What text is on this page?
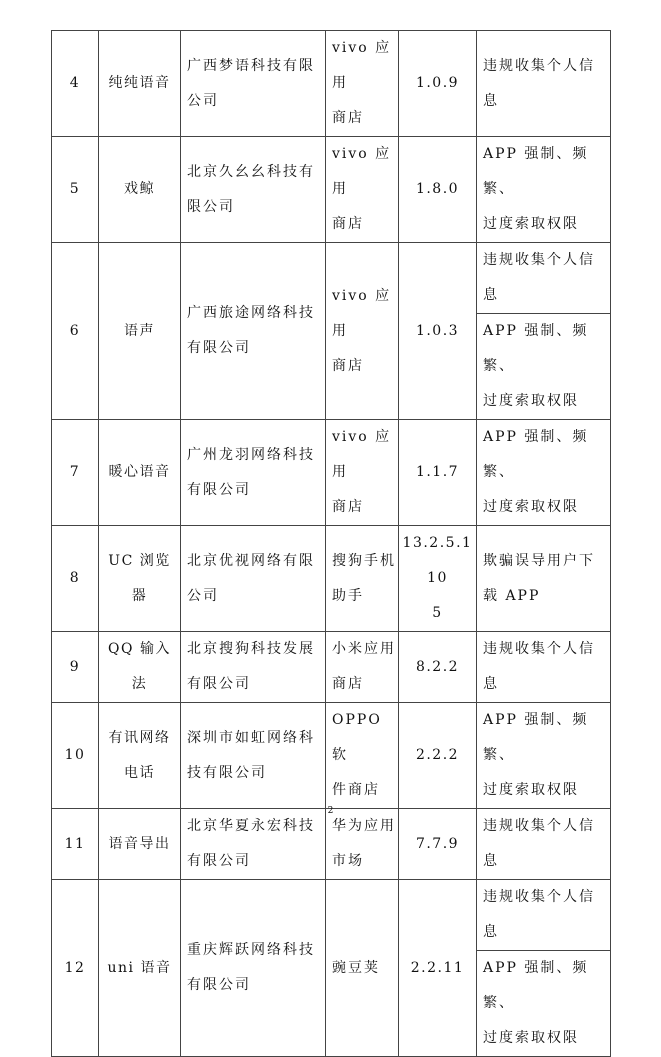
4	纯纯语音	广西梦语科技有限
公司	vivo 应用
商店	1.0.9	违规收集个人信
息

5	戏鲸	北京久幺幺科技有
限公司	vivo 应用
商店	1.8.0	APP 强制、频繁、
过度索取权限

6	语声	广西旅途网络科技
有限公司	vivo 应用
商店	1.0.3	违规收集个人信
息

					APP 强制、频繁、
过度索取权限

7	暖心语音	广州龙羽网络科技
有限公司	vivo 应用
商店	1.1.7	APP 强制、频繁、
过度索取权限

8	UC 浏览
器	北京优视网络有限
公司	搜狗手机
助手	13.2.5.110
5	欺骗误导用户下
载 APP

9	QQ 输入
法	北京搜狗科技发展
有限公司	小米应用
商店	8.2.2	违规收集个人信
息

10	有讯网络
电话	深圳市如虹网络科
技有限公司	OPPO 软
件商店	2.2.2	APP 强制、频繁、
过度索取权限

11	语音导出	北京华夏永宏科技
有限公司	华为应用
市场	7.7.9	违规收集个人信
息

12	uni 语音	重庆辉跃网络科技
有限公司	豌豆荚	2.2.11	违规收集个人信
息

					APP 强制、频繁、
过度索取权限
2
